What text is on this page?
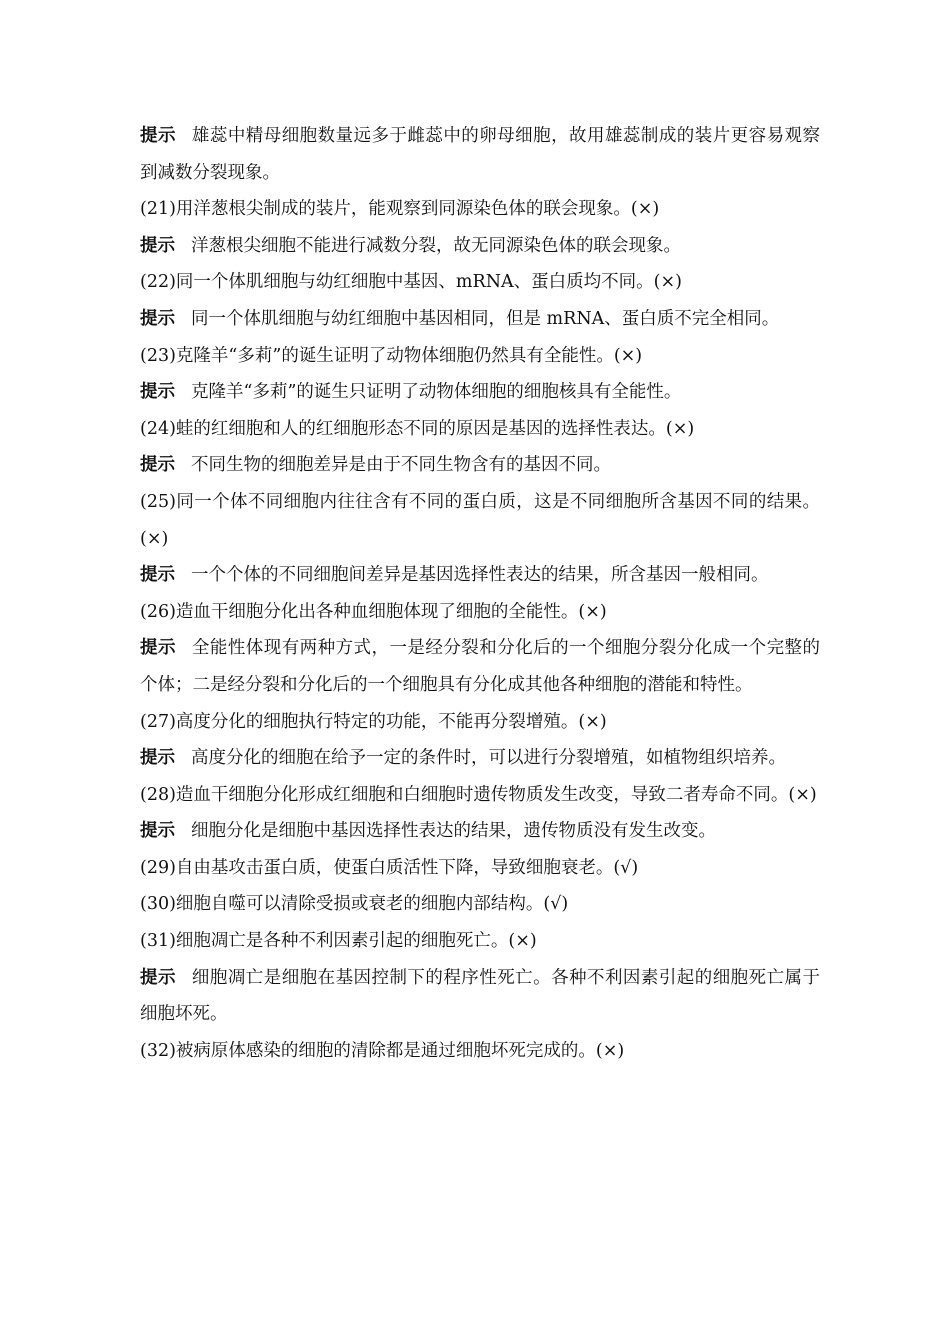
提示 雄蕊中精母细胞数量远多于雌蕊中的卵母细胞，故用雄蕊制成的装片更容易观察到减数分裂现象。

(21)用洋葱根尖制成的装片，能观察到同源染色体的联会现象。(×)

提示 洋葱根尖细胞不能进行减数分裂，故无同源染色体的联会现象。

(22)同一个体肌细胞与幼红细胞中基因、mRNA、蛋白质均不同。(×)

提示 同一个体肌细胞与幼红细胞中基因相同，但是 mRNA、蛋白质不完全相同。

(23)克隆羊“多莉”的诞生证明了动物体细胞仍然具有全能性。(×)

提示 克隆羊“多莉”的诞生只证明了动物体细胞的细胞核具有全能性。

(24)蛙的红细胞和人的红细胞形态不同的原因是基因的选择性表达。(×)

提示 不同生物的细胞差异是由于不同生物含有的基因不同。

(25)同一个体不同细胞内往往含有不同的蛋白质，这是不同细胞所含基因不同的结果。(×)

提示 一个个体的不同细胞间差异是基因选择性表达的结果，所含基因一般相同。

(26)造血干细胞分化出各种血细胞体现了细胞的全能性。(×)

提示 全能性体现有两种方式，一是经分裂和分化后的一个细胞分裂分化成一个完整的个体；二是经分裂和分化后的一个细胞具有分化成其他各种细胞的潜能和特性。

(27)高度分化的细胞执行特定的功能，不能再分裂增殖。(×)

提示 高度分化的细胞在给予一定的条件时，可以进行分裂增殖，如植物组织培养。

(28)造血干细胞分化形成红细胞和白细胞时遗传物质发生改变，导致二者寿命不同。(×)

提示 细胞分化是细胞中基因选择性表达的结果，遗传物质没有发生改变。

(29)自由基攻击蛋白质，使蛋白质活性下降，导致细胞衰老。(√)

(30)细胞自噬可以清除受损或衰老的细胞内部结构。(√)

(31)细胞凋亡是各种不利因素引起的细胞死亡。(×)

提示 细胞凋亡是细胞在基因控制下的程序性死亡。各种不利因素引起的细胞死亡属于细胞坏死。

(32)被病原体感染的细胞的清除都是通过细胞坏死完成的。(×)
